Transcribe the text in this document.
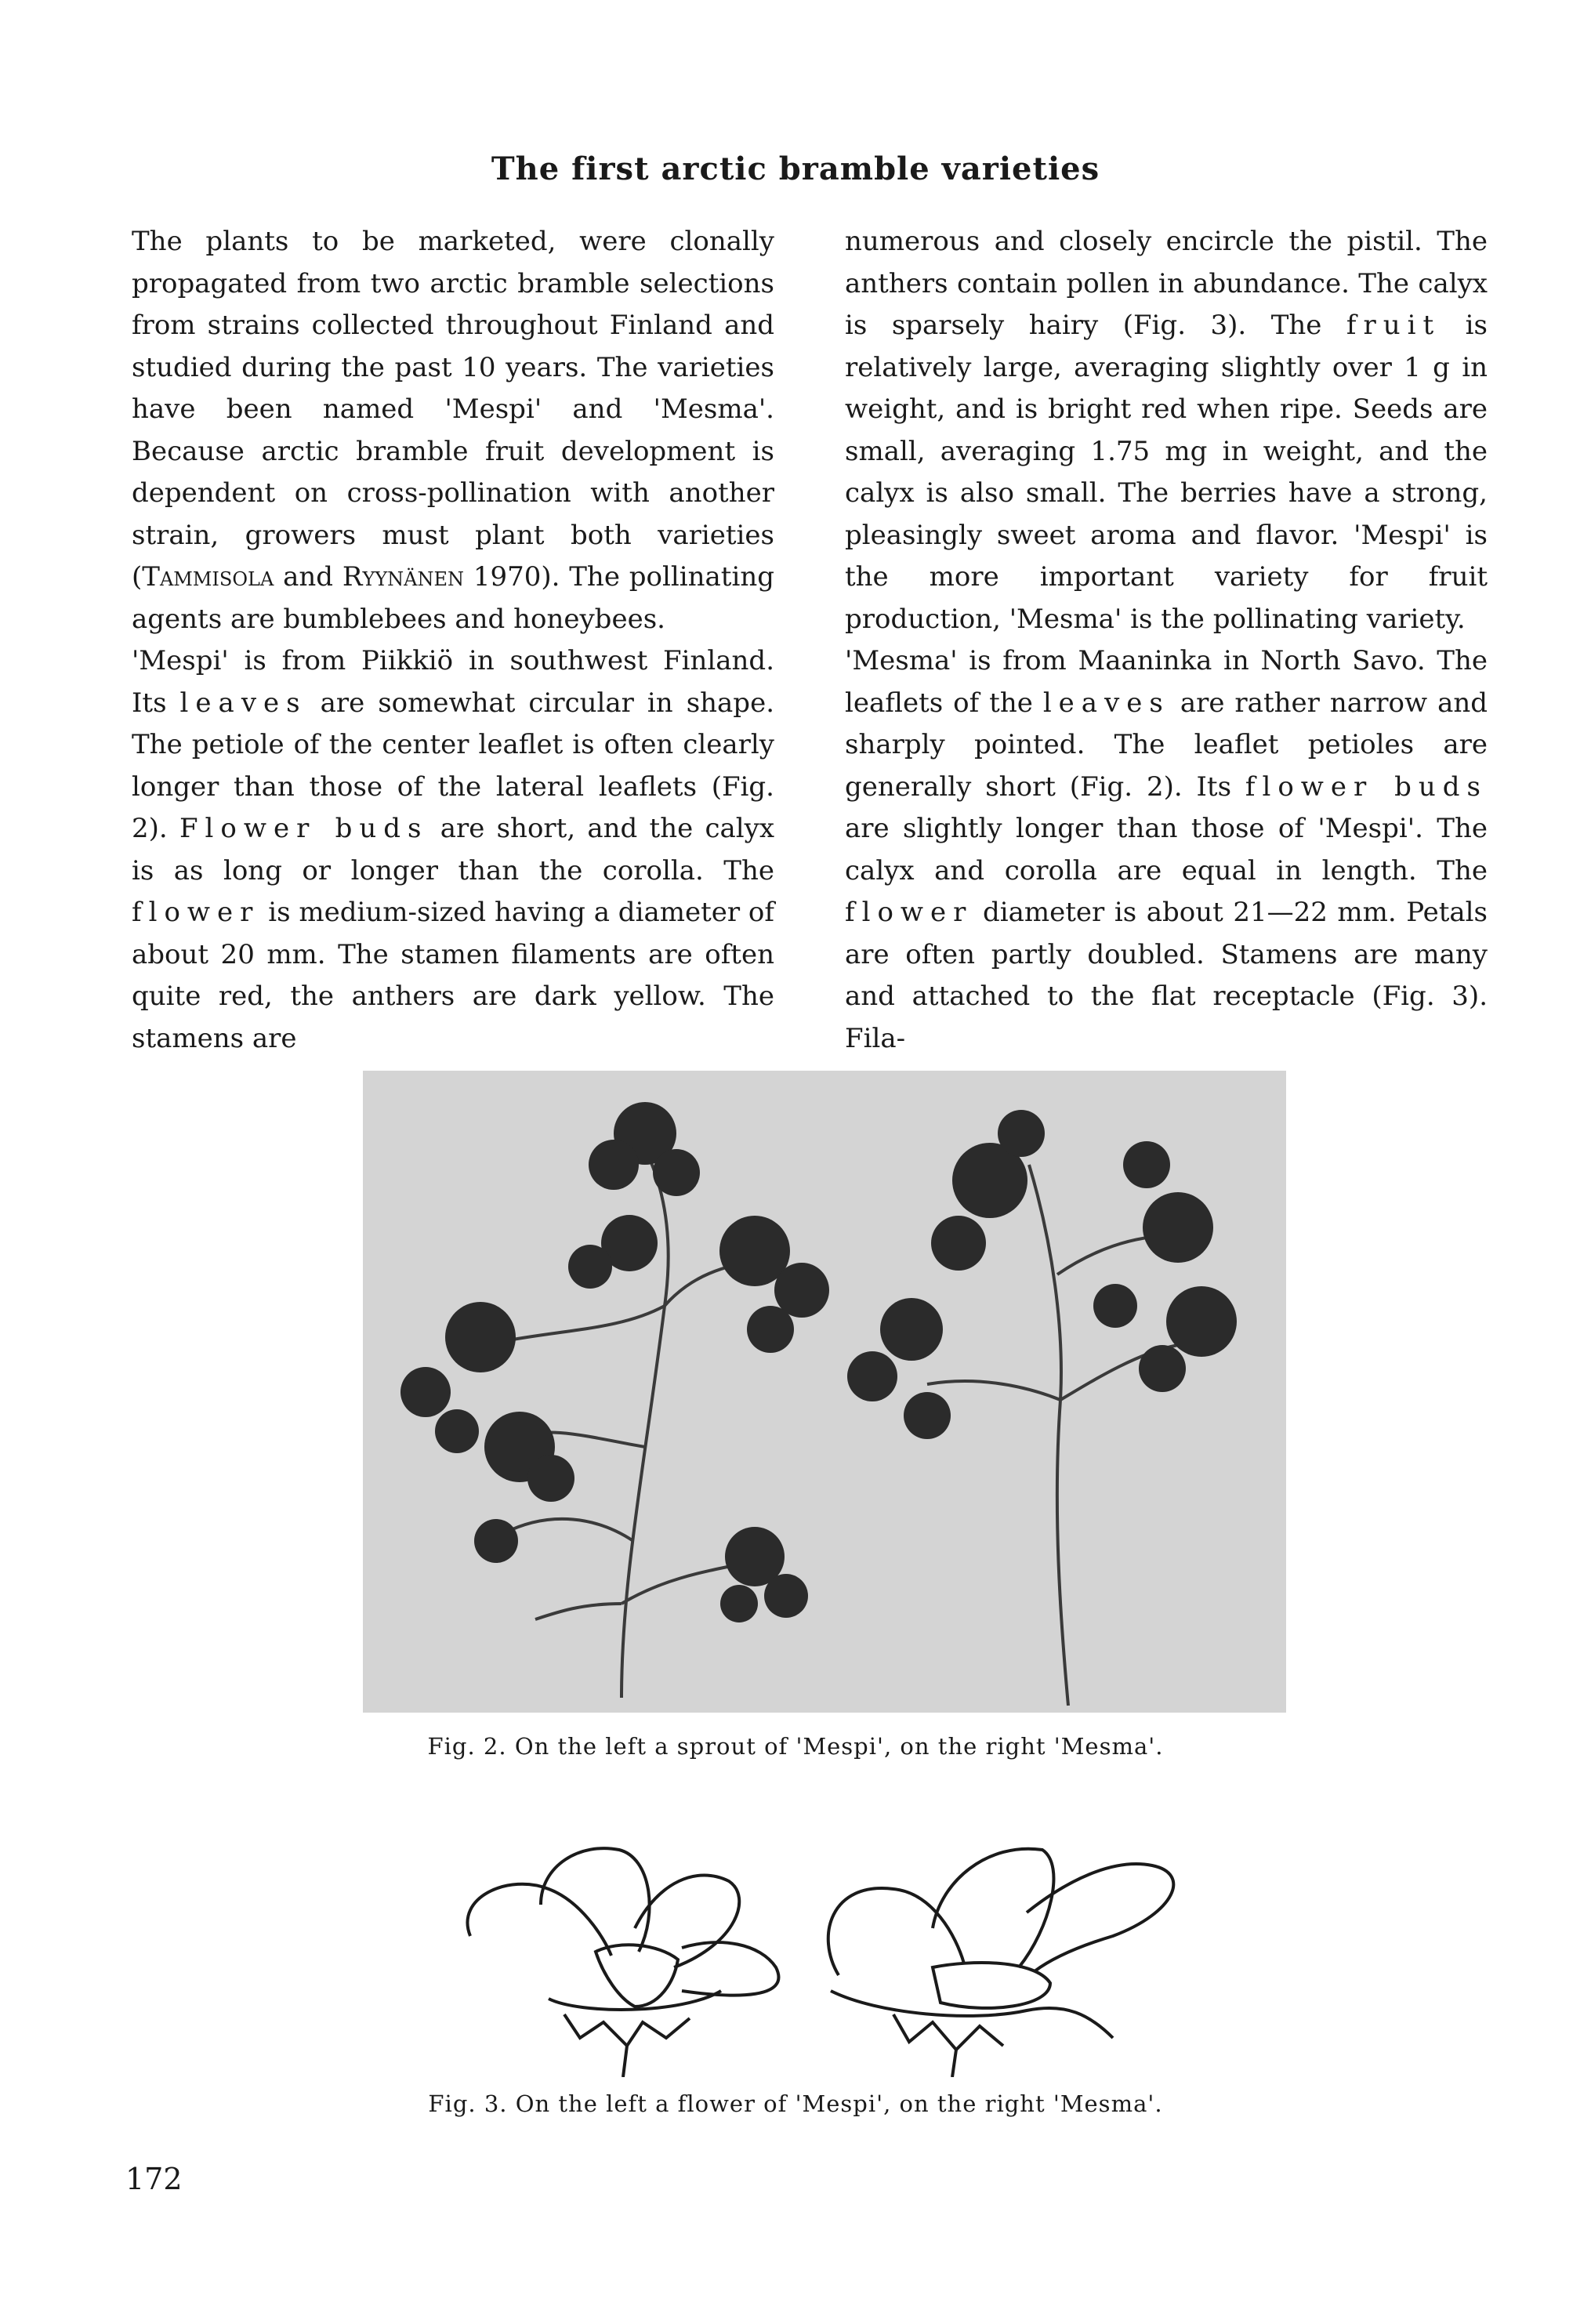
The first arctic bramble varieties

The plants to be marketed, were clonally propagated from two arctic bramble selections from strains collected throughout Finland and studied during the past 10 years. The varieties have been named 'Mespi' and 'Mesma'. Because arctic bramble fruit development is dependent on cross-pollination with another strain, growers must plant both varieties (Tammisola and Ryynänen 1970). The pollinating agents are bumblebees and honeybees.

'Mespi' is from Piikkiö in southwest Finland. Its leaves are somewhat circular in shape. The petiole of the center leaflet is often clearly longer than those of the lateral leaflets (Fig. 2). Flower buds are short, and the calyx is as long or longer than the corolla. The flower is medium-sized having a diameter of about 20 mm. The stamen filaments are often quite red, the anthers are dark yellow. The stamens are

numerous and closely encircle the pistil. The anthers contain pollen in abundance. The calyx is sparsely hairy (Fig. 3). The fruit is relatively large, averaging slightly over 1 g in weight, and is bright red when ripe. Seeds are small, averaging 1.75 mg in weight, and the calyx is also small. The berries have a strong, pleasingly sweet aroma and flavor. 'Mespi' is the more important variety for fruit production, 'Mesma' is the pollinating variety.

'Mesma' is from Maaninka in North Savo. The leaflets of the leaves are rather narrow and sharply pointed. The leaflet petioles are generally short (Fig. 2). Its flower buds are slightly longer than those of 'Mespi'. The calyx and corolla are equal in length. The flower diameter is about 21—22 mm. Petals are often partly doubled. Stamens are many and attached to the flat receptacle (Fig. 3). Fila-

Fig. 2. On the left a sprout of 'Mespi', on the right 'Mesma'.
Fig. 3. On the left a flower of 'Mespi', on the right 'Mesma'.
172
